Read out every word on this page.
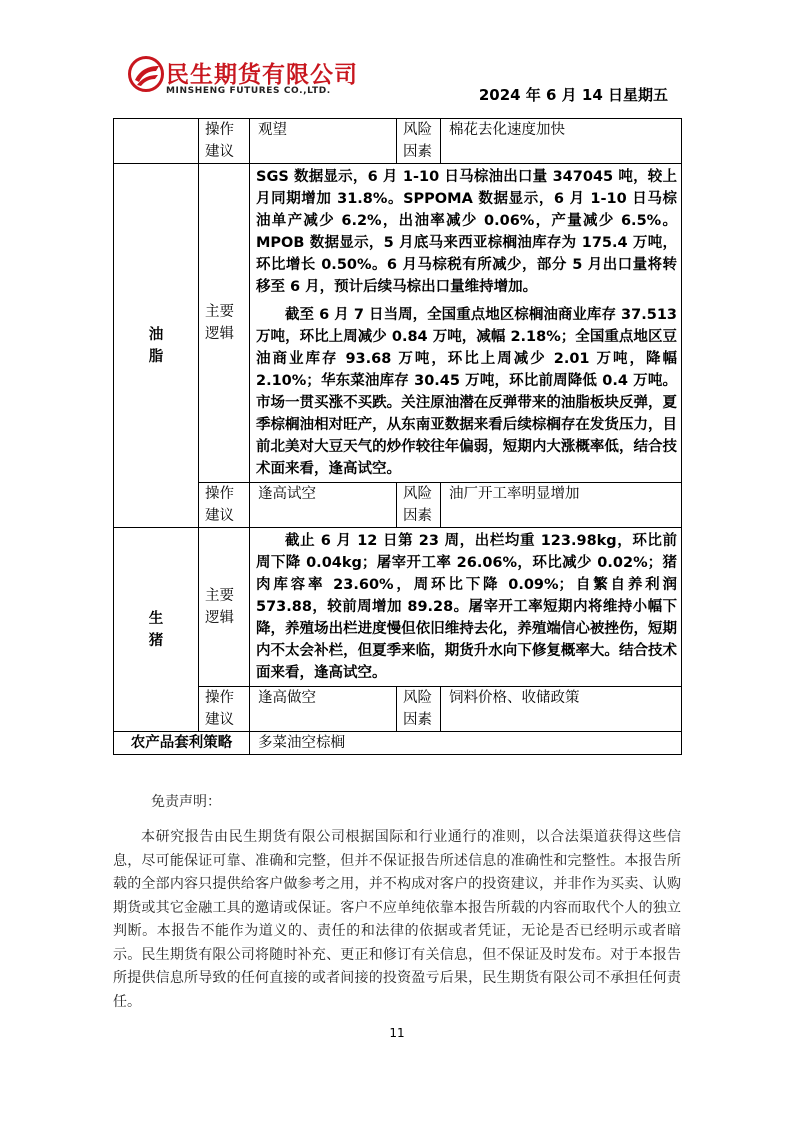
民生期货有限公司
MINSHENG FUTURES CO.,LTD.	2024 年 6 月 14 日星期五
	操作建议	观望	风险因素	棉花去化速度加快
油脂	主要逻辑	SGS 数据显示，6 月 1-10 日马棕油出口量 347045 吨，较上月同期增加 31.8%。SPPOMA 数据显示，6 月 1-10 日马棕油单产减少 6.2%，出油率减少 0.06%，产量减少 6.5%。MPOB 数据显示，5 月底马来西亚棕榈油库存为 175.4 万吨，环比增长 0.50%。6 月马棕税有所减少，部分 5 月出口量将转移至 6 月，预计后续马棕出口量维持增加。

截至 6 月 7 日当周，全国重点地区棕榈油商业库存 37.513 万吨，环比上周减少 0.84 万吨，减幅 2.18%；全国重点地区豆油商业库存 93.68 万吨，环比上周减少 2.01 万吨，降幅 2.10%；华东菜油库存 30.45 万吨，环比前周降低 0.4 万吨。市场一贯买涨不买跌。关注原油潜在反弹带来的油脂板块反弹，夏季棕榈油相对旺产，从东南亚数据来看后续棕榈存在发货压力，目前北美对大豆天气的炒作较往年偏弱，短期内大涨概率低，结合技术面来看，逢高试空。		

	操作建议	逢高试空	风险因素	油厂开工率明显增加
生猪	主要逻辑	截止 6 月 12 日第 23 周，出栏均重 123.98kg，环比前周下降 0.04kg；屠宰开工率 26.06%，环比减少 0.02%；猪肉库容率 23.60%，周环比下降 0.09%；自繁自养利润 573.88，较前周增加 89.28。屠宰开工率短期内将维持小幅下降，养殖场出栏进度慢但依旧维持去化，养殖端信心被挫伤，短期内不太会补栏，但夏季来临，期货升水向下修复概率大。结合技术面来看，逢高试空。		

	操作建议	逢高做空	风险因素	饲料价格、收储政策
农产品套利策略		多菜油空棕榈		

免责声明：

本研究报告由民生期货有限公司根据国际和行业通行的准则，以合法渠道获得这些信息，尽可能保证可靠、准确和完整，但并不保证报告所述信息的准确性和完整性。本报告所载的全部内容只提供给客户做参考之用，并不构成对客户的投资建议，并非作为买卖、认购期货或其它金融工具的邀请或保证。客户不应单纯依靠本报告所载的内容而取代个人的独立判断。本报告不能作为道义的、责任的和法律的依据或者凭证，无论是否已经明示或者暗示。民生期货有限公司将随时补充、更正和修订有关信息，但不保证及时发布。对于本报告所提供信息所导致的任何直接的或者间接的投资盈亏后果，民生期货有限公司不承担任何责任。

11
